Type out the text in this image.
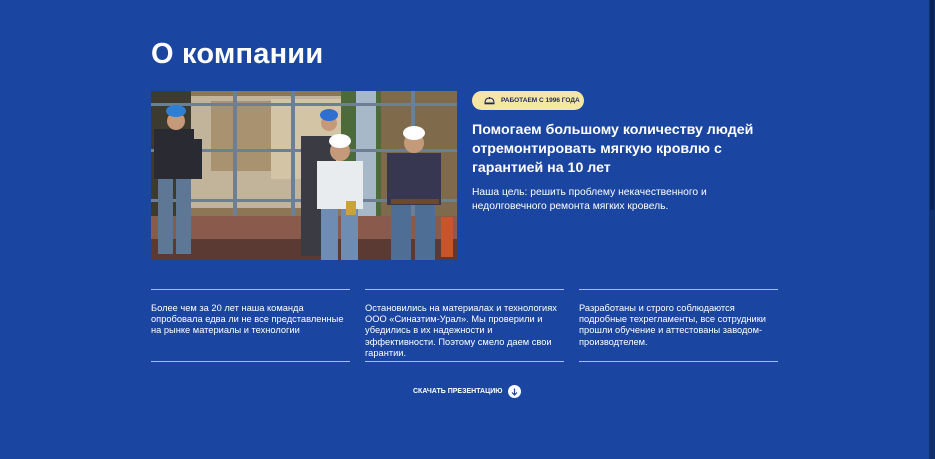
О компании
РАБОТАЕМ С 1996 ГОДА
Помогаем большому количеству людей отремонтировать мягкую кровлю с гарантией на 10 лет

Наша цель: решить проблему некачественного и недолговечного ремонта мягких кровель.

Более чем за 20 лет наша команда опробовала едва ли не все представленные на рынке материалы и технологии

Остановились на материалах и технологиях ООО «Синазтим-Урал». Мы проверили и убедились в их надежности и эффективности. Поэтому смело даем свои гарантии.

Разработаны и строго соблюдаются подробные техрегламенты, все сотрудники прошли обучение и аттестованы заводом-производтелем.

СКАЧАТЬ ПРЕЗЕНТАЦИЮ
